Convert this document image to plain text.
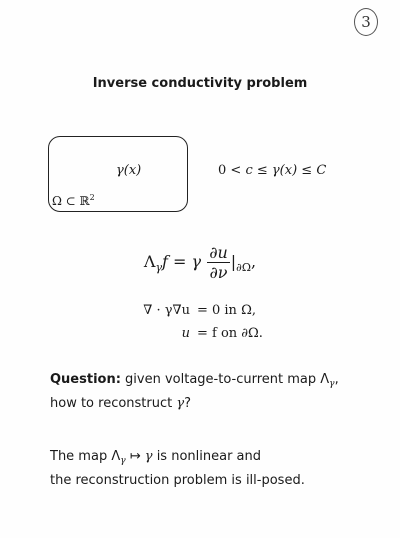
3
Inverse conductivity problem
γ(x)
Ω ⊂ ℝ$^2$
0 < c ≤ γ(x) ≤ C
$\Lambda_\gamma f = \gamma \frac{\partial u}{\partial\nu} |_{\partial\Omega}$,
∇ · γ∇u = 0 in Ω,
u = f on ∂Ω.
Question: given voltage-to-current map $\Lambda_\gamma$,
how to reconstruct γ?
The map $\Lambda_\gamma$ ↦ γ is nonlinear and
the reconstruction problem is ill-posed.
